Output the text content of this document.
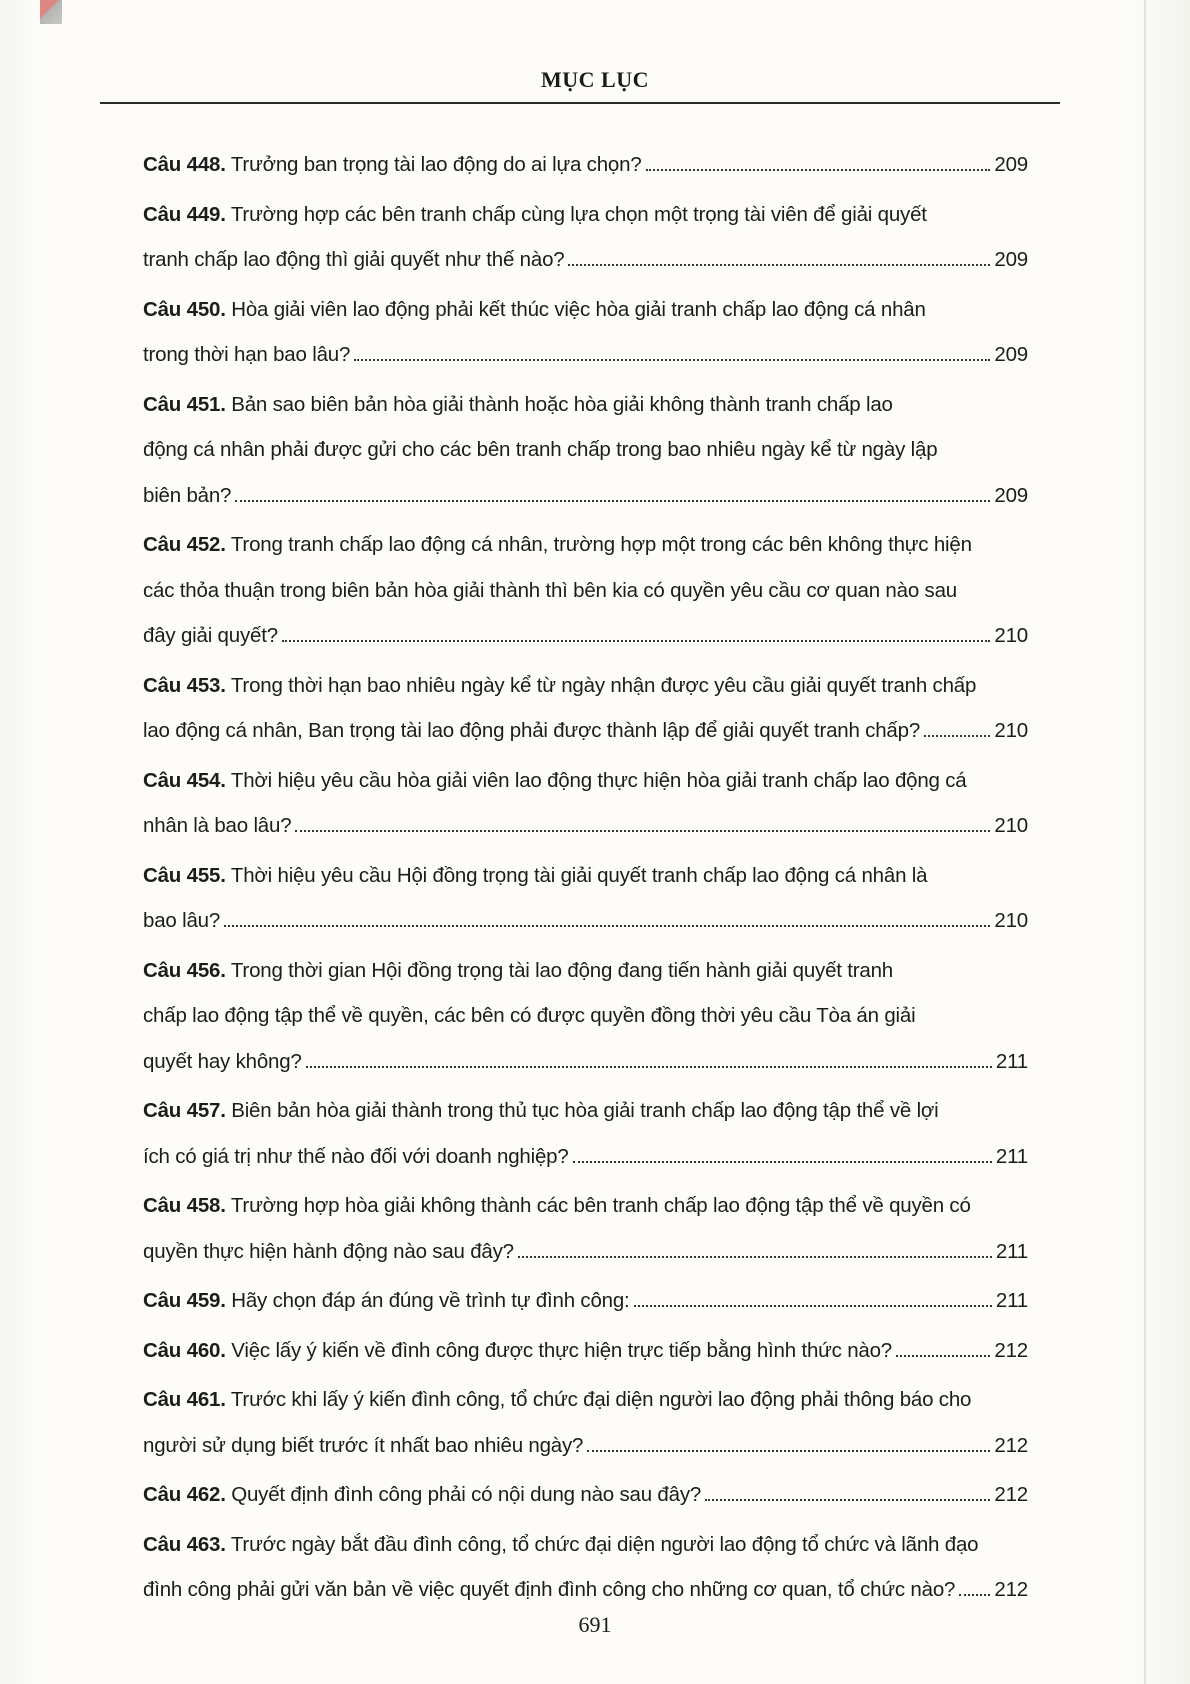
MỤC LỤC
Câu 448. Trưởng ban trọng tài lao động do ai lựa chọn?	209
Câu 449. Trường hợp các bên tranh chấp cùng lựa chọn một trọng tài viên để giải quyết
tranh chấp lao động thì giải quyết như thế nào?	209
Câu 450. Hòa giải viên lao động phải kết thúc việc hòa giải tranh chấp lao động cá nhân
trong thời hạn bao lâu?	209
Câu 451. Bản sao biên bản hòa giải thành hoặc hòa giải không thành tranh chấp lao
động cá nhân phải được gửi cho các bên tranh chấp trong bao nhiêu ngày kể từ ngày lập
biên bản?	209
Câu 452. Trong tranh chấp lao động cá nhân, trường hợp một trong các bên không thực hiện
các thỏa thuận trong biên bản hòa giải thành thì bên kia có quyền yêu cầu cơ quan nào sau
đây giải quyết?	210
Câu 453. Trong thời hạn bao nhiêu ngày kể từ ngày nhận được yêu cầu giải quyết tranh chấp
lao động cá nhân, Ban trọng tài lao động phải được thành lập để giải quyết tranh chấp?	210
Câu 454. Thời hiệu yêu cầu hòa giải viên lao động thực hiện hòa giải tranh chấp lao động cá
nhân là bao lâu?	210
Câu 455. Thời hiệu yêu cầu Hội đồng trọng tài giải quyết tranh chấp lao động cá nhân là
bao lâu?	210
Câu 456. Trong thời gian Hội đồng trọng tài lao động đang tiến hành giải quyết tranh
chấp lao động tập thể về quyền, các bên có được quyền đồng thời yêu cầu Tòa án giải
quyết hay không?	211
Câu 457. Biên bản hòa giải thành trong thủ tục hòa giải tranh chấp lao động tập thể về lợi
ích có giá trị như thế nào đối với doanh nghiệp?	211
Câu 458. Trường hợp hòa giải không thành các bên tranh chấp lao động tập thể về quyền có
quyền thực hiện hành động nào sau đây?	211
Câu 459. Hãy chọn đáp án đúng về trình tự đình công:	211
Câu 460. Việc lấy ý kiến về đình công được thực hiện trực tiếp bằng hình thức nào?	212
Câu 461. Trước khi lấy ý kiến đình công, tổ chức đại diện người lao động phải thông báo cho
người sử dụng biết trước ít nhất bao nhiêu ngày?	212
Câu 462. Quyết định đình công phải có nội dung nào sau đây?	212
Câu 463. Trước ngày bắt đầu đình công, tổ chức đại diện người lao động tổ chức và lãnh đạo
đình công phải gửi văn bản về việc quyết định đình công cho những cơ quan, tổ chức nào? 212
691
